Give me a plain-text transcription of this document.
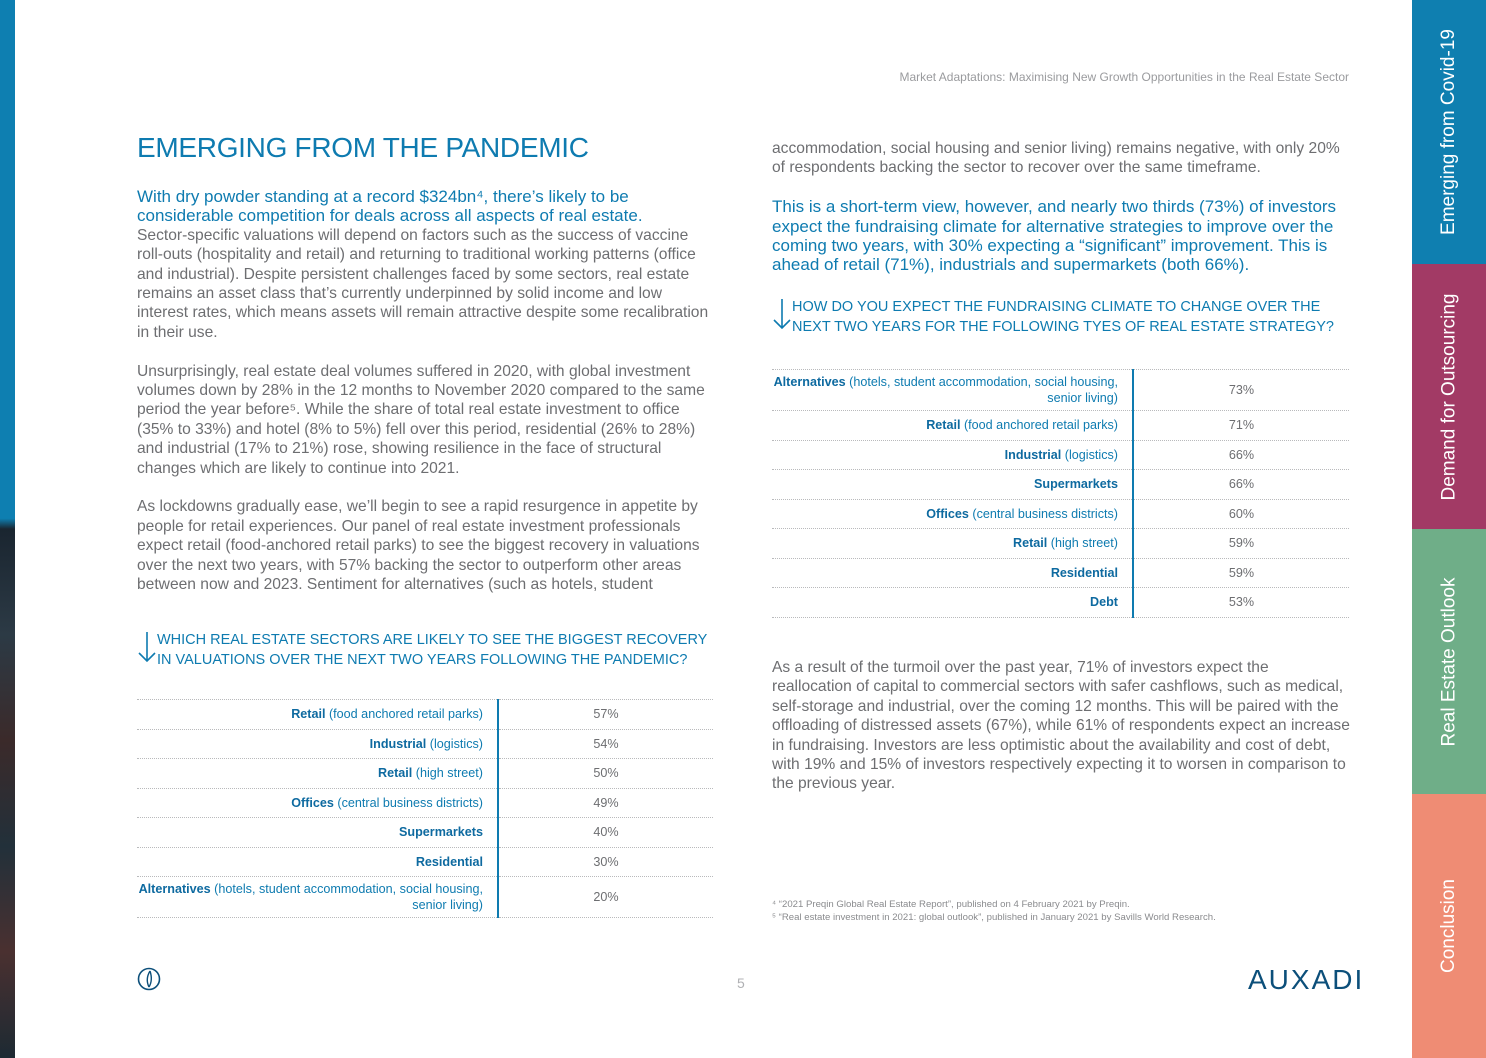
Emerging from Covid-19
Demand for Outsourcing
Real Estate Outlook
Conclusion
Market Adaptations: Maximising New Growth Opportunities in the Real Estate Sector
EMERGING FROM THE PANDEMIC
With dry powder standing at a record $324bn⁴, there’s likely to be considerable competition for deals across all aspects of real estate.

Sector-specific valuations will depend on factors such as the success of vaccine roll-outs (hospitality and retail) and returning to traditional working patterns (office and industrial). Despite persistent challenges faced by some sectors, real estate remains an asset class that’s currently underpinned by solid income and low interest rates, which means assets will remain attractive despite some recalibration in their use.

Unsurprisingly, real estate deal volumes suffered in 2020, with global investment volumes down by 28% in the 12 months to November 2020 compared to the same period the year before⁵. While the share of total real estate investment to office (35% to 33%) and hotel (8% to 5%) fell over this period, residential (26% to 28%) and industrial (17% to 21%) rose, showing resilience in the face of structural changes which are likely to continue into 2021.

As lockdowns gradually ease, we’ll begin to see a rapid resurgence in appetite by people for retail experiences. Our panel of real estate investment professionals expect retail (food-anchored retail parks) to see the biggest recovery in valuations over the next two years, with 57% backing the sector to outperform other areas between now and 2023. Sentiment for alternatives (such as hotels, student

WHICH REAL ESTATE SECTORS ARE LIKELY TO SEE THE BIGGEST RECOVERY IN VALUATIONS OVER THE NEXT TWO YEARS FOLLOWING THE PANDEMIC?
Retail (food anchored retail parks)	57%
Industrial (logistics)	54%
Retail (high street)	50%
Offices (central business districts)	49%
Supermarkets	40%
Residential	30%
Alternatives (hotels, student accommodation, social housing, senior living)	20%

accommodation, social housing and senior living) remains negative, with only 20% of respondents backing the sector to recover over the same timeframe.

This is a short-term view, however, and nearly two thirds (73%) of investors expect the fundraising climate for alternative strategies to improve over the coming two years, with 30% expecting a “significant” improvement. This is ahead of retail (71%), industrials and supermarkets (both 66%).
HOW DO YOU EXPECT THE FUNDRAISING CLIMATE TO CHANGE OVER THE NEXT TWO YEARS FOR THE FOLLOWING TYES OF REAL ESTATE STRATEGY?
Alternatives (hotels, student accommodation, social housing, senior living)	73%
Retail (food anchored retail parks)	71%
Industrial (logistics)	66%
Supermarkets	66%
Offices (central business districts)	60%
Retail (high street)	59%
Residential	59%
Debt	53%

As a result of the turmoil over the past year, 71% of investors expect the reallocation of capital to commercial sectors with safer cashflows, such as medical, self-storage and industrial, over the coming 12 months. This will be paired with the offloading of distressed assets (67%), while 61% of respondents expect an increase in fundraising. Investors are less optimistic about the availability and cost of debt, with 19% and 15% of investors respectively expecting it to worsen in comparison to the previous year.

⁴ “2021 Preqin Global Real Estate Report”, published on 4 February 2021 by Preqin.
⁵ “Real estate investment in 2021: global outlook”, published in January 2021 by Savills World Research.
5	AUXADI
